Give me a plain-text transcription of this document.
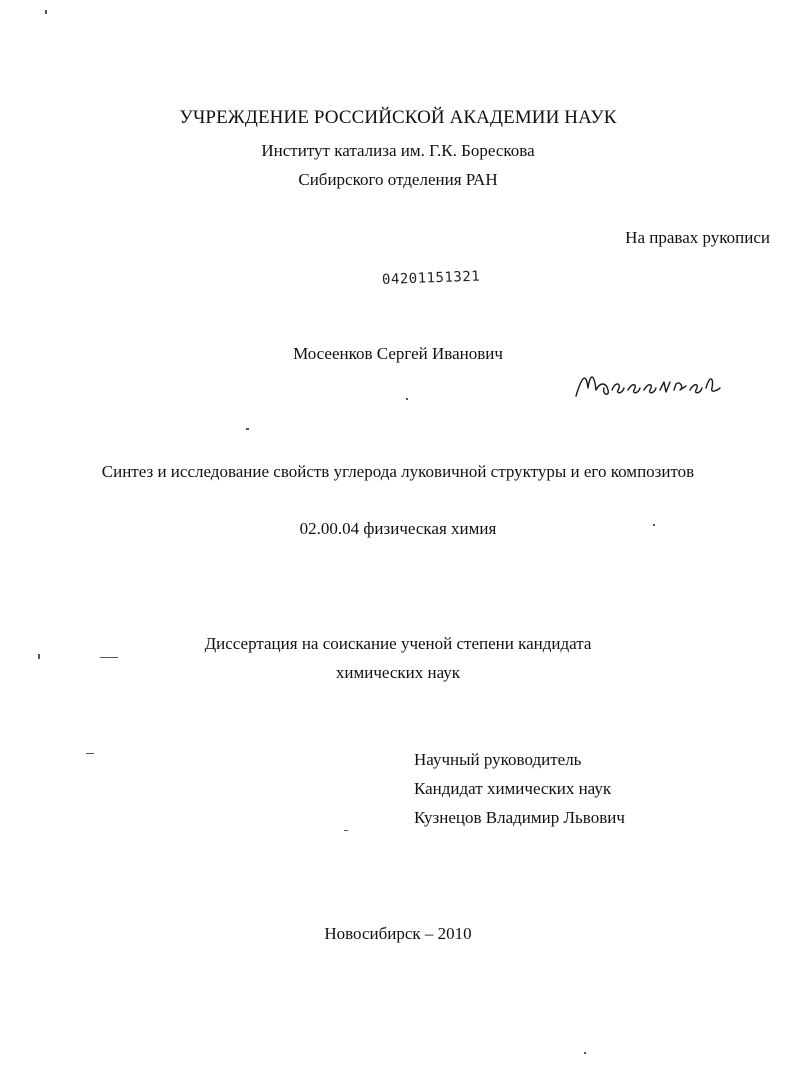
УЧРЕЖДЕНИЕ РОССИЙСКОЙ АКАДЕМИИ НАУК
Институт катализа им. Г.К. Борескова
Сибирского отделения РАН
На правах рукописи
04201151321
Мосеенков Сергей Иванович
Синтез и исследование свойств углерода луковичной структуры и его композитов
02.00.04 физическая химия
Диссертация на соискание ученой степени кандидата
химических наук
Научный руководитель
Кандидат химических наук
Кузнецов Владимир Львович
Новосибирск – 2010
